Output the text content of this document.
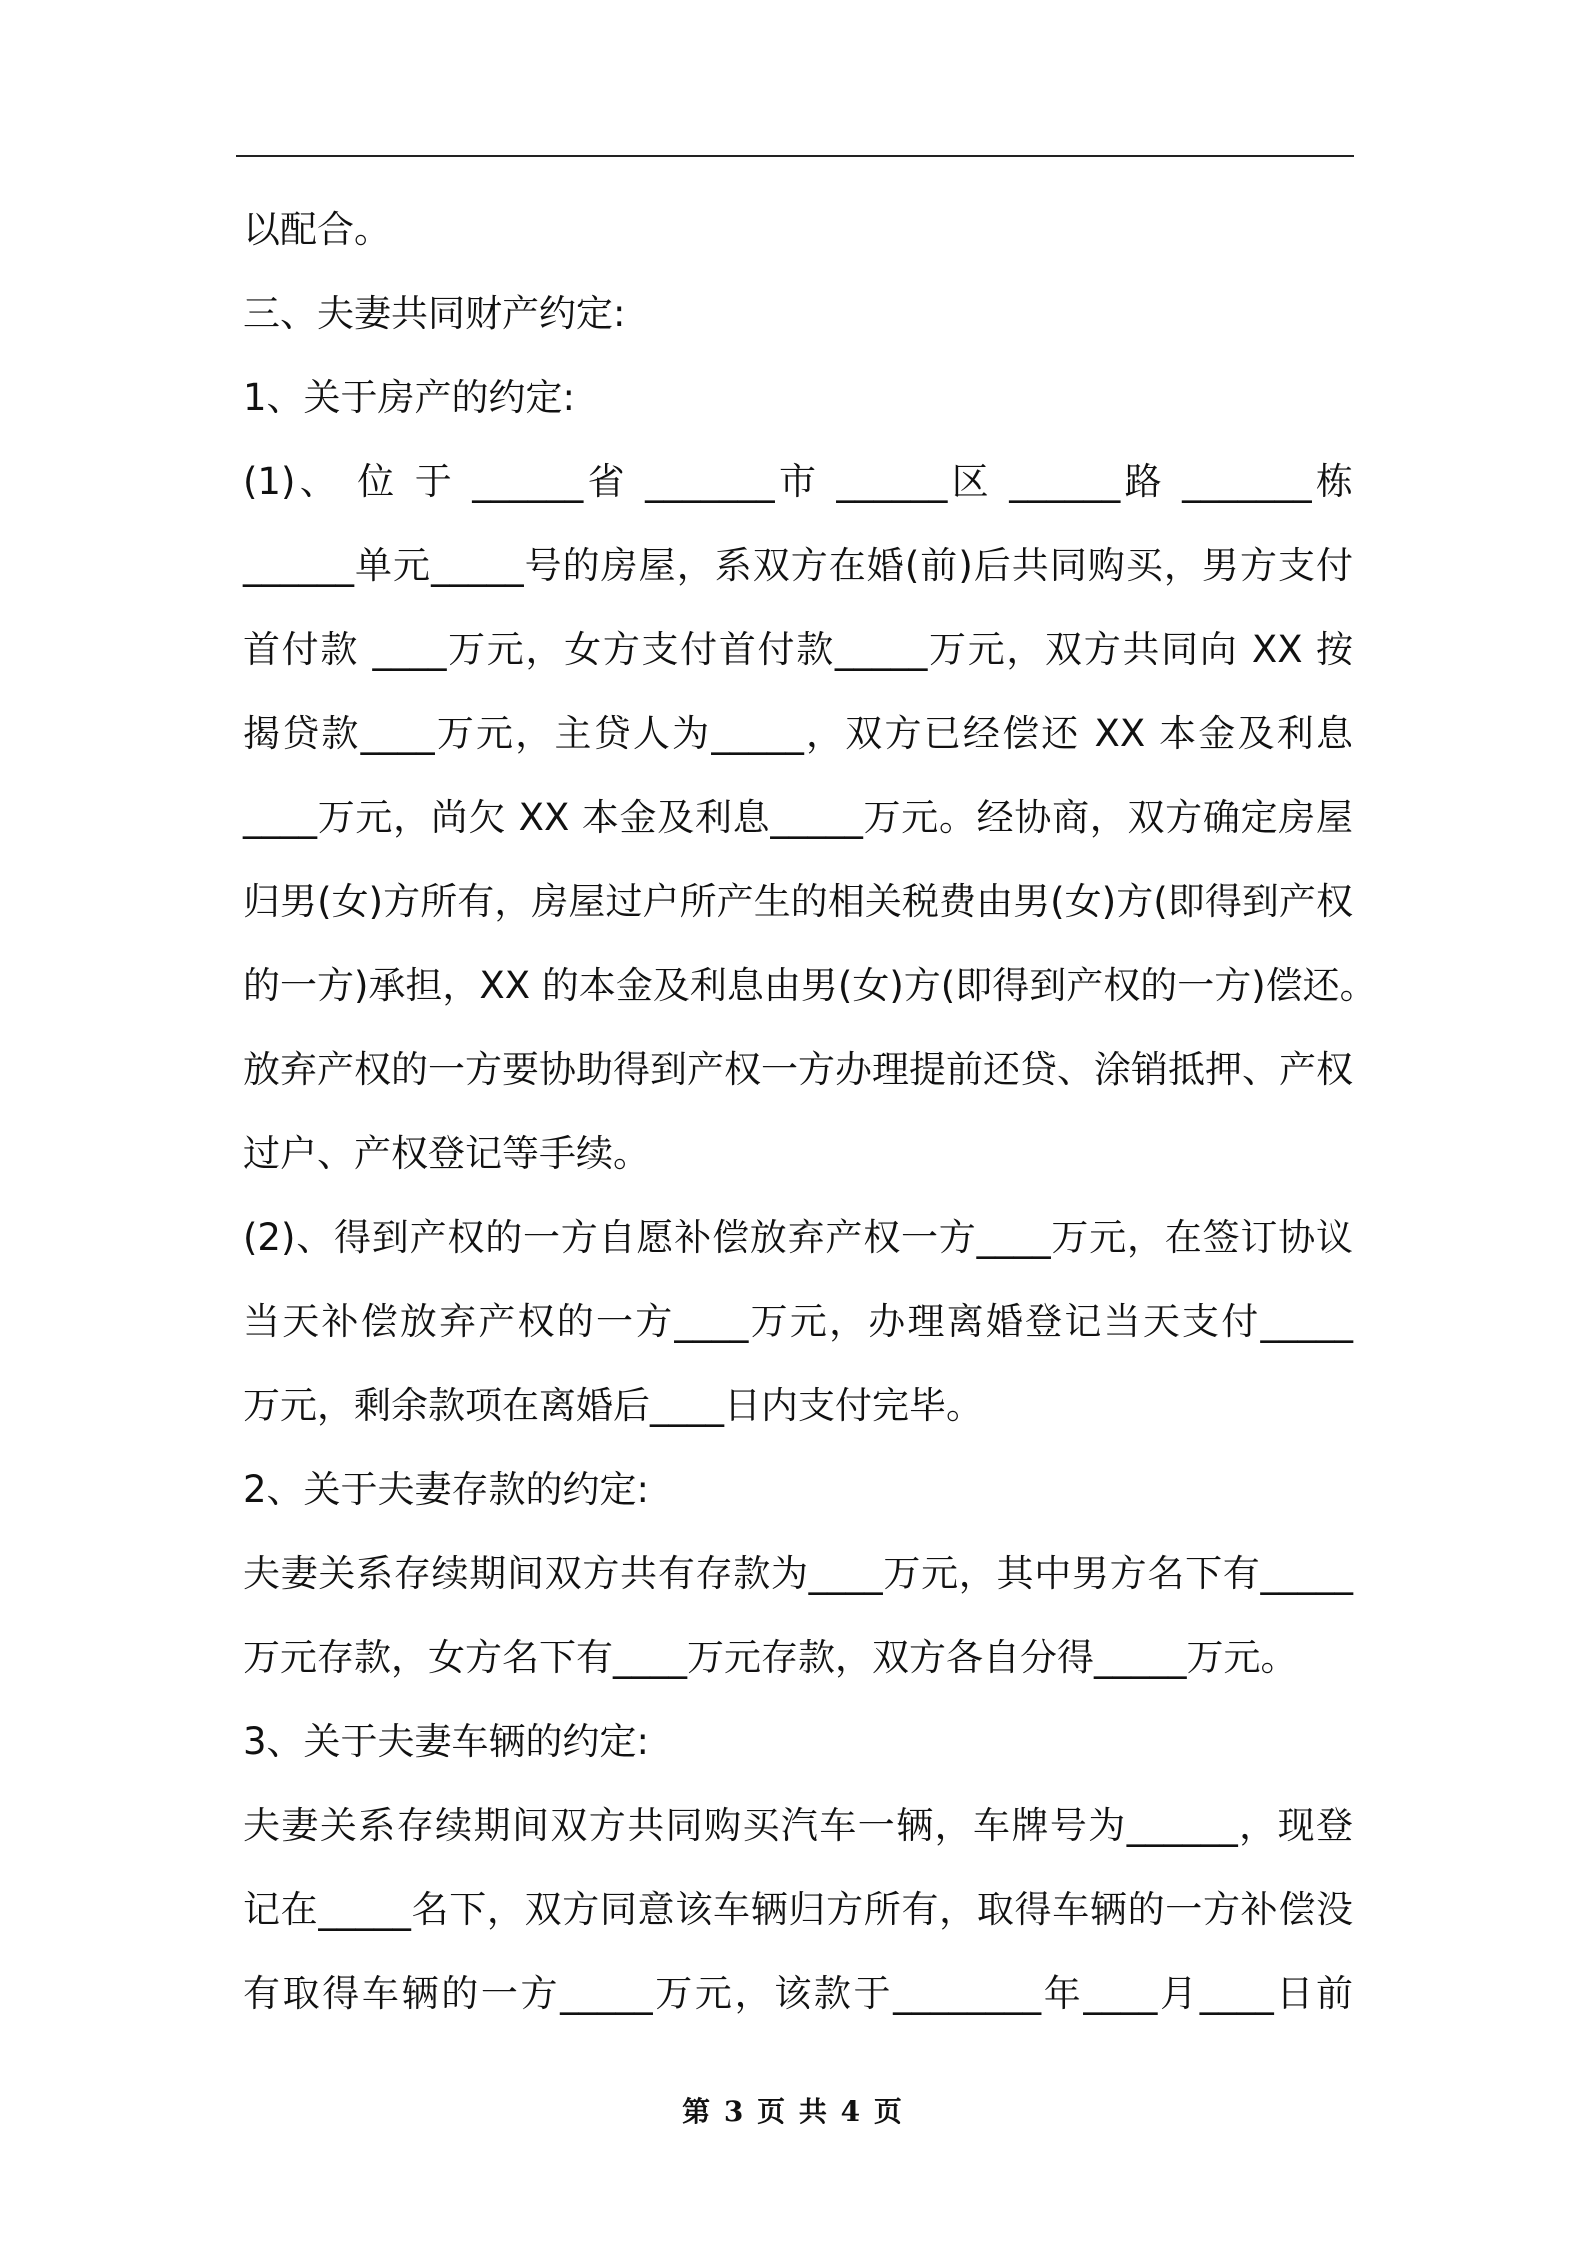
以配合。
三、夫妻共同财产约定:
1、关于房产的约定:
(1)、 位 于 ______省 _______市 ______区 ______路 _______栋
______单元_____号的房屋，系双方在婚(前)后共同购买，男方支付
首付款 ____万元，女方支付首付款_____万元，双方共同向 XX 按
揭贷款____万元，主贷人为_____，双方已经偿还 XX 本金及利息
____万元，尚欠 XX 本金及利息_____万元。经协商，双方确定房屋
归男(女)方所有，房屋过户所产生的相关税费由男(女)方(即得到产权
的一方)承担，XX 的本金及利息由男(女)方(即得到产权的一方)偿还。
放弃产权的一方要协助得到产权一方办理提前还贷、涂销抵押、产权
过户、产权登记等手续。
(2)、得到产权的一方自愿补偿放弃产权一方____万元，在签订协议
当天补偿放弃产权的一方____万元，办理离婚登记当天支付_____
万元，剩余款项在离婚后____日内支付完毕。
2、关于夫妻存款的约定:
夫妻关系存续期间双方共有存款为____万元，其中男方名下有_____
万元存款，女方名下有____万元存款，双方各自分得_____万元。
3、关于夫妻车辆的约定:
夫妻关系存续期间双方共同购买汽车一辆，车牌号为______，现登
记在_____名下，双方同意该车辆归方所有，取得车辆的一方补偿没
有取得车辆的一方_____万元，该款于________年____月____日前
第 3 页 共 4 页
